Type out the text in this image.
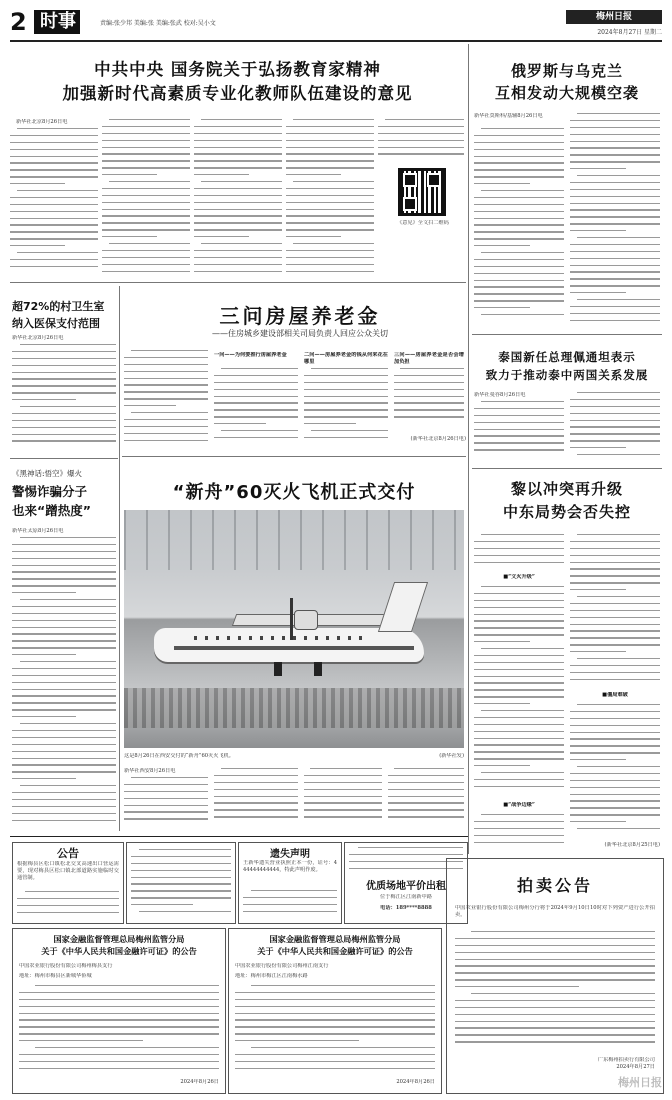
2 时事	责编:张少邦 美编:张 美编:张武 校对:吴小文
梅州日报
2024年8月27日 星期二
中共中央 国务院关于弘扬教育家精神
加强新时代高素质专业化教师队伍建设的意见
新华社北京8月26日电
《意见》全文扫二维码
俄罗斯与乌克兰
互相发动大规模空袭
新华社莫斯科/基辅8月26日电
超72%的村卫生室
纳入医保支付范围
新华社北京8月26日电
三问房屋养老金
——住房城乡建设部相关司局负责人回应公众关切
一问——为何要推行房屋养老金	二问——房屋养老金的钱从何来花在哪里
三问——房屋养老金是否会增加负担
(新华社北京8月26日电)
泰国新任总理佩通坦表示
致力于推动泰中两国关系发展
新华社曼谷8月26日电
《黑神话:悟空》爆火
警惕诈骗分子
也来“蹭热度”
新华社太原8月26日电
“新舟”60灭火飞机正式交付
这是8月26日在西安交付的“新舟”60灭火飞机。	(新华社发)
新华社西安8月26日电
黎以冲突再升级
中东局势会否失控
■“文火升级”
■“战争边缘”
■僵局难破
(新华社北京8月25日电)
公告
根据梅县区松口镇松北交叉高速出口营运需要，现对梅县区松口镇北部道路实施临时交通管制。
遗失声明
王新华遗失营业执照正本一份，证号：444444444444，特此声明作废。
优质场地平价出租
位于梅江区江南新中路
电话：189****8888
国家金融监督管理总局梅州监管分局
关于《中华人民共和国金融许可证》的公告
中国农业银行股份有限公司梅州梅县支行
地址：梅州市梅县区新城华侨城
2024年8月26日
国家金融监督管理总局梅州监管分局
关于《中华人民共和国金融许可证》的公告
中国农业银行股份有限公司梅州江南支行
地址：梅州市梅江区江南梅水路
2024年8月26日
拍卖公告
中国农业银行股份有限公司梅州分行将于2024年9月10日10时对下列资产进行公开拍卖。
广东梅州拍卖行有限公司
2024年8月27日
梅州日报
